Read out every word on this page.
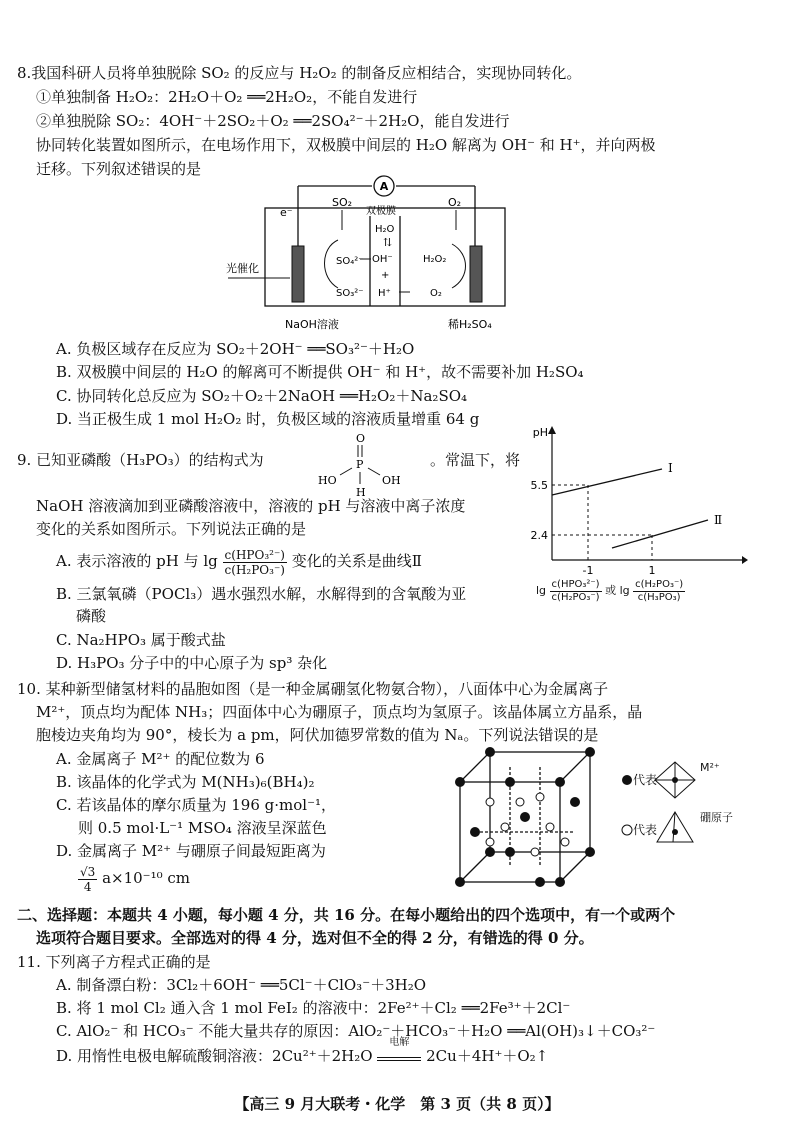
8.我国科研人员将单独脱除 SO₂ 的反应与 H₂O₂ 的制备反应相结合，实现协同转化。
①单独制备 H₂O₂：2H₂O＋O₂ ══2H₂O₂，不能自发进行
②单独脱除 SO₂：4OH⁻＋2SO₂＋O₂ ══2SO₄²⁻＋2H₂O，能自发进行
协同转化装置如图所示，在电场作用下，双极膜中间层的 H₂O 解离为 OH⁻ 和 H⁺，并向两极
迁移。下列叙述错误的是
A
e⁻
SO₂
双极膜
O₂
H₂O
⇅
OH⁻
+
H⁺
SO₄²⁻
SO₃²⁻
H₂O₂
O₂
光催化
NaOH溶液	稀H₂SO₄
A. 负极区域存在反应为 SO₂＋2OH⁻ ══SO₃²⁻＋H₂O
B. 双极膜中间层的 H₂O 的解离可不断提供 OH⁻ 和 H⁺，故不需要补加 H₂SO₄
C. 协同转化总反应为 SO₂＋O₂＋2NaOH ══H₂O₂＋Na₂SO₄
D. 当正极生成 1 mol H₂O₂ 时，负极区域的溶液质量增重 64 g
9. 已知亚磷酸（H₃PO₃）的结构式为
O
P
HO	OH
H
。常温下，将
NaOH 溶液滴加到亚磷酸溶液中，溶液的 pH 与溶液中离子浓度
变化的关系如图所示。下列说法正确的是
A. 表示溶液的 pH 与 $\lg \frac{\text{c(HPO₃²⁻)}}{\text{c(H₂PO₃⁻)}}$ 变化的关系是曲线Ⅱ
B. 三氯氧磷（POCl₃）遇水强烈水解，水解得到的含氧酸为亚
磷酸
C. Na₂HPO₃ 属于酸式盐
D. H₃PO₃ 分子中的中心原子为 sp³ 杂化
pH
5.5
2.4
Ⅰ
Ⅱ
-1	1
$\lg \frac{\text{c(HPO₃²⁻)}}{\text{c(H₂PO₃⁻)}}$ 或 $\lg \frac{\text{c(H₂PO₃⁻)}}{\text{c(H₃PO₃)}}$
10. 某种新型储氢材料的晶胞如图（是一种金属硼氢化物氨合物），八面体中心为金属离子
M²⁺，顶点均为配体 NH₃；四面体中心为硼原子，顶点均为氢原子。该晶体属立方晶系，晶
胞棱边夹角均为 90°，棱长为 a pm，阿伏加德罗常数的值为 Nₐ。下列说法错误的是
A. 金属离子 M²⁺ 的配位数为 6
B. 该晶体的化学式为 M(NH₃)₆(BH₄)₂
C. 若该晶体的摩尔质量为 196 g·mol⁻¹，
则 0.5 mol·L⁻¹ MSO₄ 溶液呈深蓝色
D. 金属离子 M²⁺ 与硼原子间最短距离为
$\frac{√3}{4} a\times 10^{-10}$ cm
代表
M²⁺
代表
硼原子
二、选择题：本题共 4 小题，每小题 4 分，共 16 分。在每小题给出的四个选项中，有一个或两个
选项符合题目要求。全部选对的得 4 分，选对但不全的得 2 分，有错选的得 0 分。
11. 下列离子方程式正确的是
A. 制备漂白粉：3Cl₂＋6OH⁻ ══5Cl⁻＋ClO₃⁻＋3H₂O
B. 将 1 mol Cl₂ 通入含 1 mol FeI₂ 的溶液中：2Fe²⁺＋Cl₂ ══2Fe³⁺＋2Cl⁻
C. AlO₂⁻ 和 HCO₃⁻ 不能大量共存的原因：AlO₂⁻＋HCO₃⁻＋H₂O ══Al(OH)₃↓＋CO₃²⁻
D. 用惰性电极电解硫酸铜溶液：2Cu²⁺＋2H₂O
电解
2Cu＋4H⁺＋O₂↑
【高三 9 月大联考・化学　第 3 页（共 8 页）】
